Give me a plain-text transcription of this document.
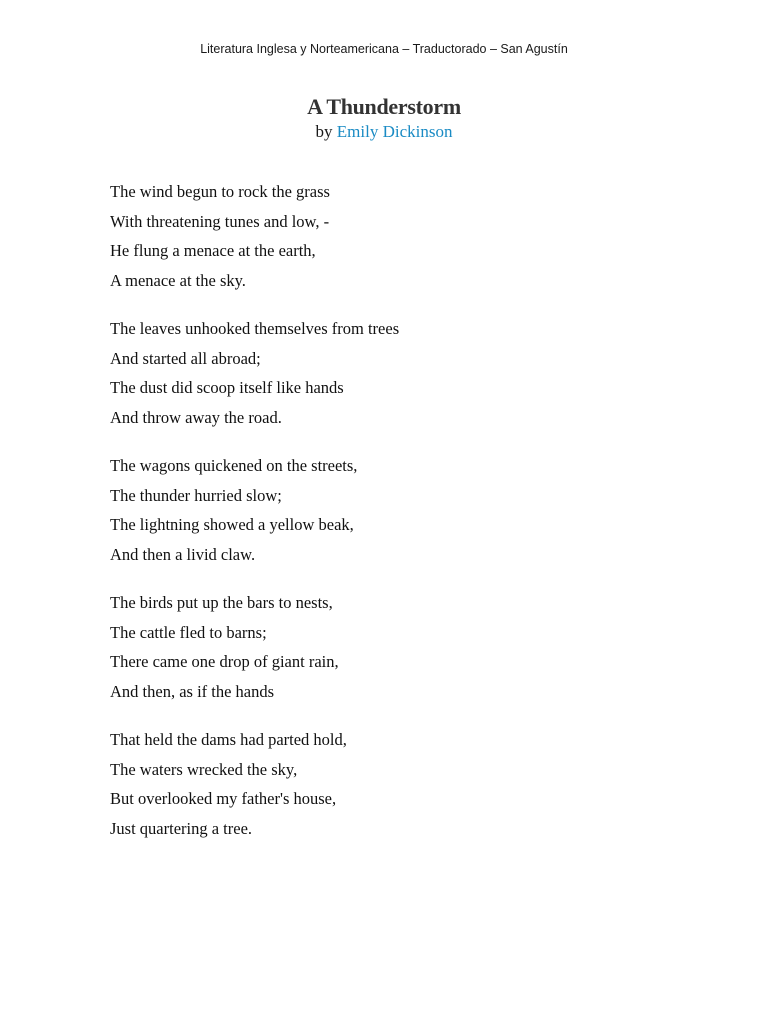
Literatura Inglesa y Norteamericana – Traductorado – San Agustín
A Thunderstorm
by Emily Dickinson
The wind begun to rock the grass
With threatening tunes and low, -
He flung a menace at the earth,
A menace at the sky.
The leaves unhooked themselves from trees
And started all abroad;
The dust did scoop itself like hands
And throw away the road.
The wagons quickened on the streets,
The thunder hurried slow;
The lightning showed a yellow beak,
And then a livid claw.
The birds put up the bars to nests,
The cattle fled to barns;
There came one drop of giant rain,
And then, as if the hands
That held the dams had parted hold,
The waters wrecked the sky,
But overlooked my father's house,
Just quartering a tree.
